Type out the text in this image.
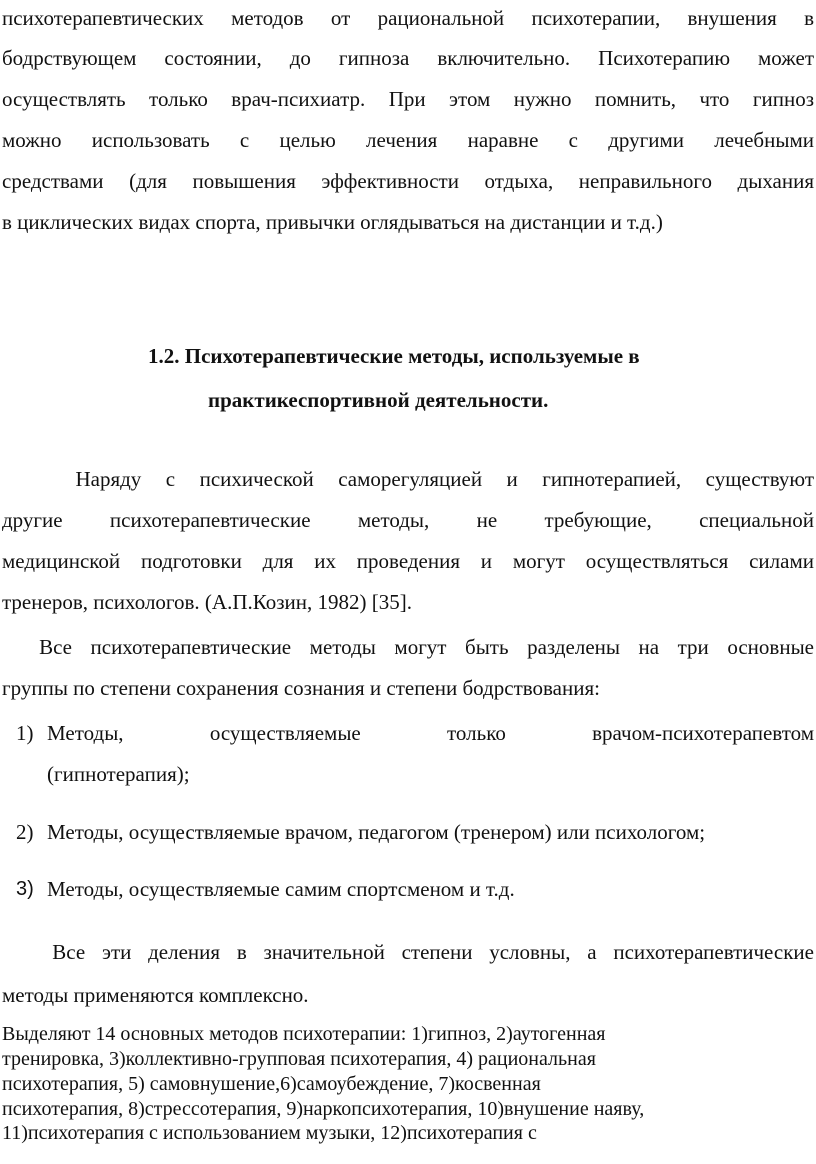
психотерапевтических методов от рациональной психотерапии, внушения в
бодрствующем состоянии, до гипноза включительно. Психотерапию может
осуществлять только врач-психиатр. При этом нужно помнить, что гипноз
можно использовать с целью лечения наравне с другими лечебными
средствами (для повышения эффективности отдыха, неправильного дыхания
в циклических видах спорта, привычки оглядываться на дистанции и т.д.)
1.2. Психотерапевтические методы, используемые в
практикеспортивной деятельности.
Наряду с психической саморегуляцией и гипнотерапией, существуют
другие психотерапевтические методы, не требующие, специальной
медицинской подготовки для их проведения и могут осуществляться силами
тренеров, психологов. (А.П.Козин, 1982) [35].
Все психотерапевтические методы могут быть разделены на три основные
группы по степени сохранения сознания и степени бодрствования:
1) Методы, осуществляемые только врачом-психотерапевтом
(гипнотерапия);
2) Методы, осуществляемые врачом, педагогом (тренером) или психологом;
3) Методы, осуществляемые самим спортсменом и т.д.
Все эти деления в значительной степени условны, а психотерапевтические
методы применяются комплексно.
Выделяют 14 основных методов психотерапии: 1)гипноз, 2)аутогенная
тренировка, 3)коллективно-групповая психотерапия, 4) рациональная
психотерапия, 5) самовнушение,6)самоубеждение, 7)косвенная
психотерапия, 8)стрессотерапия, 9)наркопсихотерапия, 10)внушение наяву,
11)психотерапия с использованием музыки, 12)психотерапия с
